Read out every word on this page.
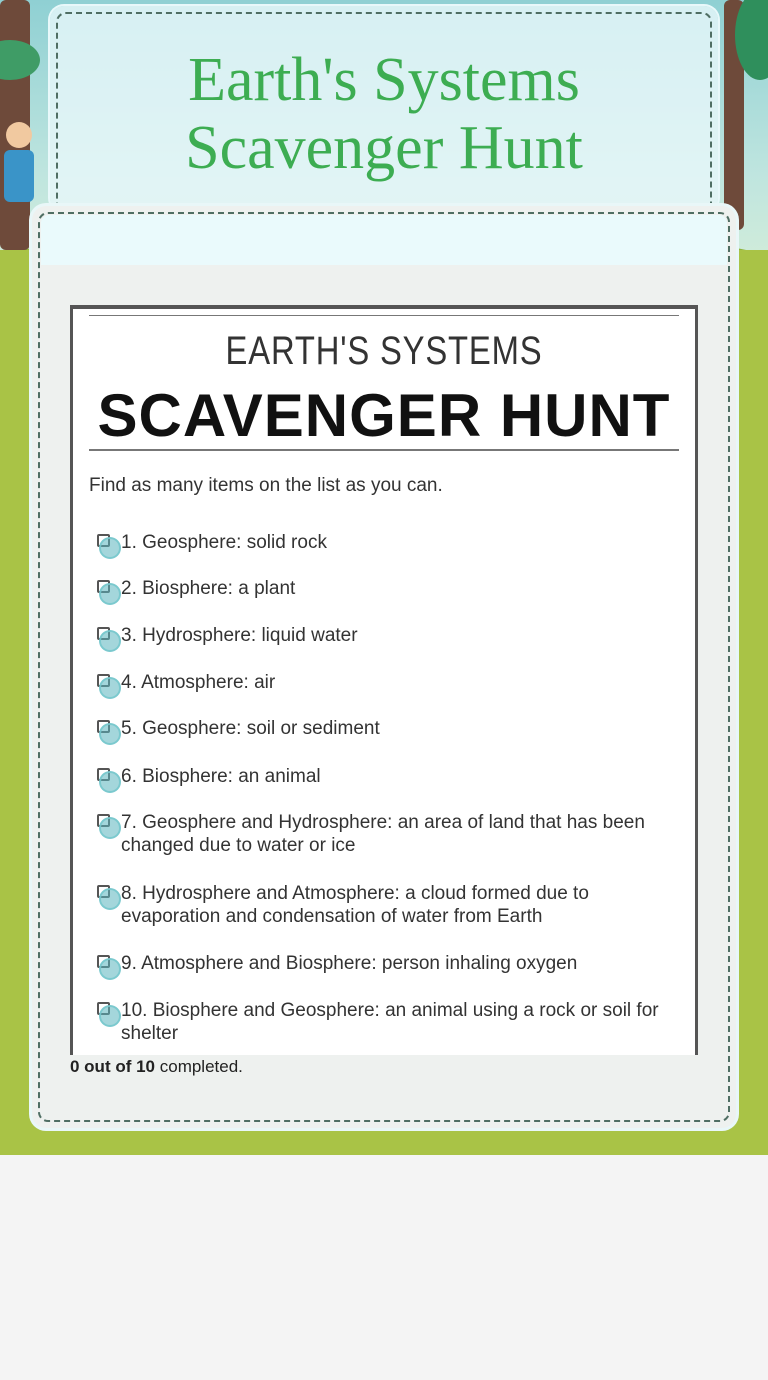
Earth's Systems
Scavenger Hunt
EARTH'S SYSTEMS
SCAVENGER HUNT
Find as many items on the list as you can.
1. Geosphere: solid rock
2. Biosphere: a plant
3. Hydrosphere: liquid water
4. Atmosphere: air
5. Geosphere: soil or sediment
6. Biosphere: an animal
7. Geosphere and Hydrosphere: an area of land that has been changed due to water or ice
8. Hydrosphere and Atmosphere: a cloud formed due to evaporation and condensation of water from Earth
9. Atmosphere and Biosphere: person inhaling oxygen
10. Biosphere and Geosphere: an animal using a rock or soil for shelter
0 out of 10 completed.
